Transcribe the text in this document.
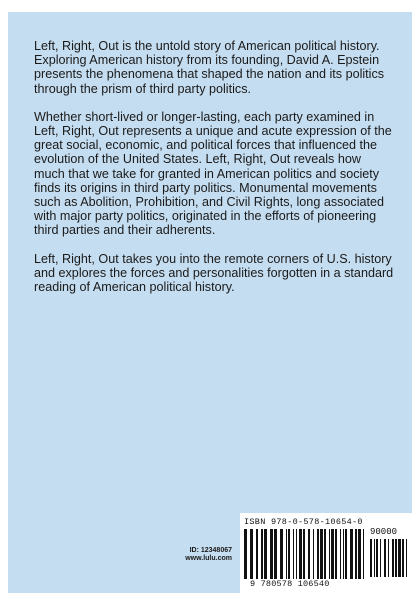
Left, Right, Out is the untold story of American political history. Exploring American history from its founding, David A. Epstein presents the phenomena that shaped the nation and its politics through the prism of third party politics.

Whether short-lived or longer-lasting, each party examined in Left, Right, Out represents a unique and acute expression of the great social, economic, and political forces that influenced the evolution of the United States. Left, Right, Out reveals how much that we take for granted in American politics and society finds its origins in third party politics. Monumental movements such as Abolition, Prohibition, and Civil Rights, long associated with major party politics, originated in the efforts of pioneering third parties and their adherents.

Left, Right, Out takes you into the remote corners of U.S. history and explores the forces and personalities forgotten in a standard reading of American political history.

ID: 12348067
www.lulu.com
ISBN 978-0-578-10654-0
90000
9 780578 106540
